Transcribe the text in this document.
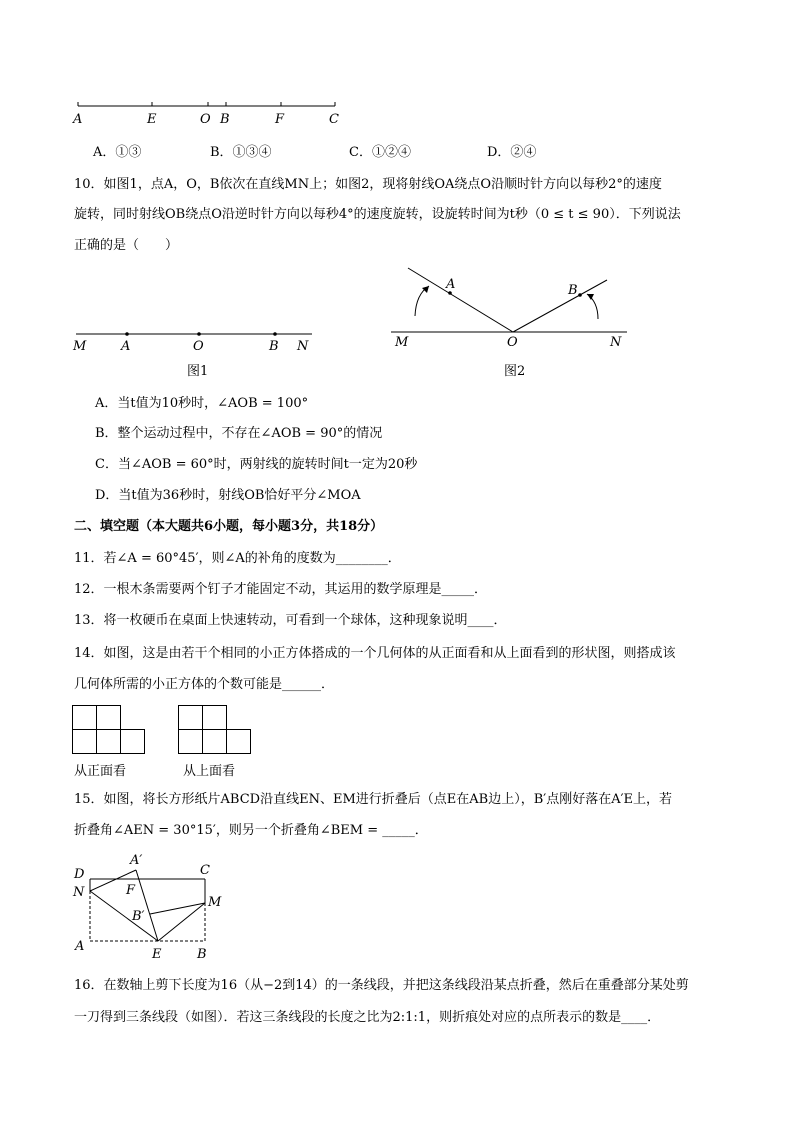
A	E	O B	F	C
A．①③	B．①③④	C．①②④	D．②④
10．如图1，点A，O，B依次在直线MN上；如图2，现将射线OA绕点O沿顺时针方向以每秒2°的速度
旋转，同时射线OB绕点O沿逆时针方向以每秒4°的速度旋转，设旋转时间为t秒（0 ≤ t ≤ 90）．下列说法
正确的是（　　）
M	A	O	B N
图1
A	B
M	O	N
图2
A．当t值为10秒时，∠AOB = 100°
B．整个运动过程中，不存在∠AOB = 90°的情况
C．当∠AOB = 60°时，两射线的旋转时间t一定为20秒
D．当t值为36秒时，射线OB恰好平分∠MOA
二、填空题（本大题共6小题，每小题3分，共18分）
11．若∠A = 60°45′，则∠A的补角的度数为________．
12．一根木条需要两个钉子才能固定不动，其运用的数学原理是_____．
13．将一枚硬币在桌面上快速转动，可看到一个球体，这种现象说明____．
14．如图，这是由若干个相同的小正方体搭成的一个几何体的从正面看和从上面看到的形状图，则搭成该
几何体所需的小正方体的个数可能是______．
从正面看	从上面看
15．如图，将长方形纸片ABCD沿直线EN、EM进行折叠后（点E在AB边上），B′点刚好落在A′E上，若
折叠角∠AEN = 30°15′，则另一个折叠角∠BEM = _____．
A′
D	C
N	F
M
B′
A
E	B
16．在数轴上剪下长度为16（从−2到14）的一条线段，并把这条线段沿某点折叠，然后在重叠部分某处剪
一刀得到三条线段（如图）．若这三条线段的长度之比为2:1:1，则折痕处对应的点所表示的数是____．
